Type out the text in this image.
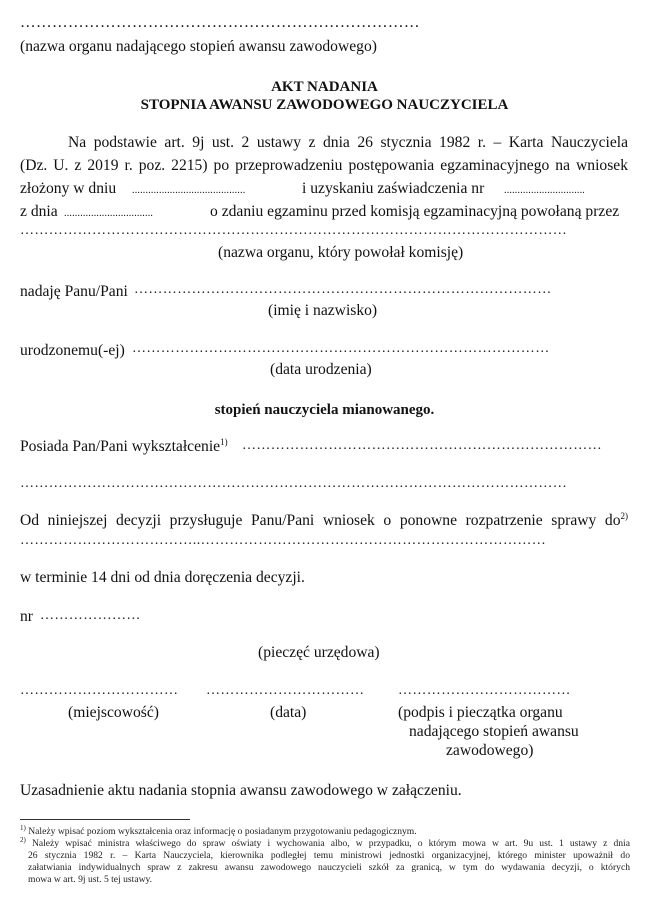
…………………………………………………………………
(nazwa organu nadającego stopień awansu zawodowego)
AKT NADANIA
STOPNIA AWANSU ZAWODOWEGO NAUCZYCIELA
Na podstawie art. 9j ust. 2 ustawy z dnia 26 stycznia 1982 r. – Karta Nauczyciela
(Dz. U. z 2019 r. poz. 2215) po przeprowadzeniu postępowania egzaminacyjnego na wniosek
złożony w dniu ..........................................	i uzyskaniu zaświadczenia nr ..............................
z dnia .................................	o zdaniu egzaminu przed komisją egzaminacyjną powołaną przez
……………………………………………………………………………………………………
(nazwa organu, który powołał komisję)
nadaję Panu/Pani ……………………………………………………………………………
(imię i nazwisko)
urodzonemu(-ej) ……………………………………………………………………………
(data urodzenia)
stopień nauczyciela mianowanego.
Posiada Pan/Pani wykształcenie$^{1)}$ …………………………………………………………………
……………………………………………………………………………………………………
Od niniejszej decyzji przysługuje Panu/Pani wniosek o ponowne rozpatrzenie sprawy $do^{2)}$
………………………………..………………………………………………………………
w terminie 14 dni od dnia doręczenia decyzji.
nr …………………
(pieczęć urzędowa)
…………………………… …………………………… ………………………………
(miejscowość)	(data)	(podpis i pieczątka organu
nadającego stopień awansu
zawodowego)
Uzasadnienie aktu nadania stopnia awansu zawodowego w załączeniu.
$^{1)}$ Należy wpisać poziom wykształcenia oraz informację o posiadanym przygotowaniu pedagogicznym.
$^{2)}$ Należy wpisać ministra właściwego do spraw oświaty i wychowania albo, w przypadku, o którym mowa w art. 9u ust. 1 ustawy z dnia
26 stycznia 1982 r. – Karta Nauczyciela, kierownika podległej temu ministrowi jednostki organizacyjnej, którego minister upoważnił do
załatwiania indywidualnych spraw z zakresu awansu zawodowego nauczycieli szkół za granicą, w tym do wydawania decyzji, o których
mowa w art. 9j ust. 5 tej ustawy.
